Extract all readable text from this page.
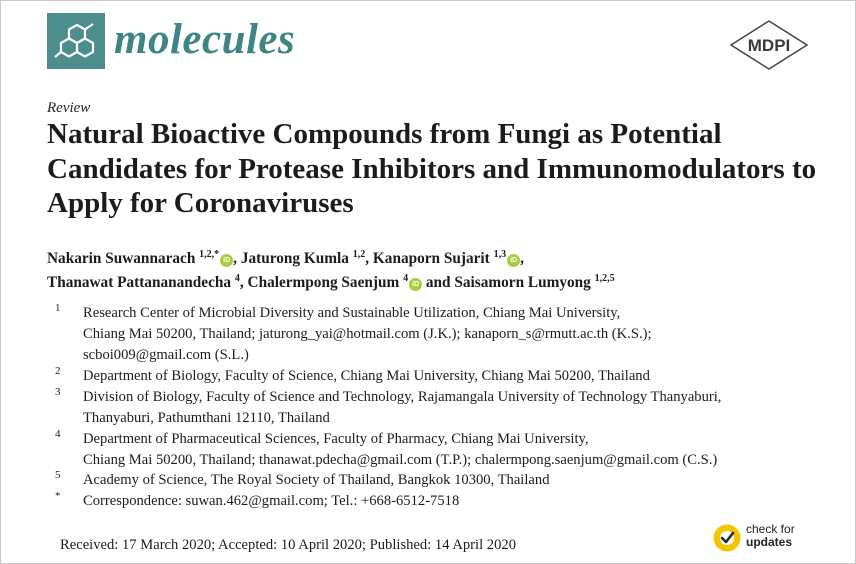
molecules	MDPI
Review
Natural Bioactive Compounds from Fungi as Potential Candidates for Protease Inhibitors and Immunomodulators to Apply for Coronaviruses
Nakarin Suwannarach $^{1,2,*}$iD , Jaturong Kumla $^{1,2}$, Kanaporn Sujarit $^{1,3}$iD ,
Thanawat Pattananandecha $^4$, Chalermpong Saenjum $^4$iD and Saisamorn Lumyong $^{1,2,5}$
1 Research Center of Microbial Diversity and Sustainable Utilization, Chiang Mai University,
Chiang Mai 50200, Thailand; jaturong_yai@hotmail.com (J.K.); kanaporn_s@rmutt.ac.th (K.S.);
scboi009@gmail.com (S.L.)
2 Department of Biology, Faculty of Science, Chiang Mai University, Chiang Mai 50200, Thailand
3 Division of Biology, Faculty of Science and Technology, Rajamangala University of Technology Thanyaburi,
Thanyaburi, Pathumthani 12110, Thailand
4 Department of Pharmaceutical Sciences, Faculty of Pharmacy, Chiang Mai University,
Chiang Mai 50200, Thailand; thanawat.pdecha@gmail.com (T.P.); chalermpong.saenjum@gmail.com (C.S.)
5 Academy of Science, The Royal Society of Thailand, Bangkok 10300, Thailand
* Correspondence: suwan.462@gmail.com; Tel.: +668-6512-7518
Received: 17 March 2020; Accepted: 10 April 2020; Published: 14 April 2020
check for
updates
